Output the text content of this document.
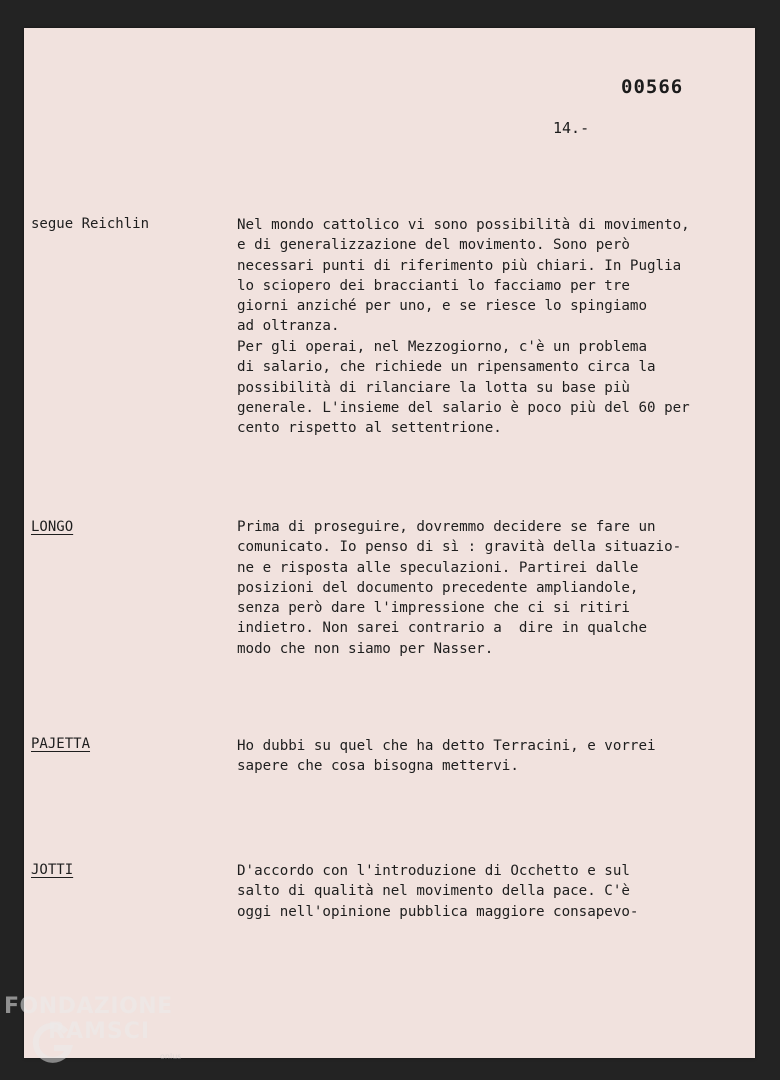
00566
14.-
segue Reichlin	Nel mondo cattolico vi sono possibilità di movimento,
e di generalizzazione del movimento. Sono però
necessari punti di riferimento più chiari. In Puglia
lo sciopero dei braccianti lo facciamo per tre
giorni anziché per uno, e se riesce lo spingiamo
ad oltranza.

Per gli operai, nel Mezzogiorno, c'è un problema
di salario, che richiede un ripensamento circa la
possibilità di rilanciare la lotta su base più
generale. L'insieme del salario è poco più del 60 per
cento rispetto al settentrione.

LONGO	Prima di proseguire, dovremmo decidere se fare un
comunicato. Io penso di sì : gravità della situazio-
ne e risposta alle speculazioni. Partirei dalle
posizioni del documento precedente ampliandole,
senza però dare l'impressione che ci si ritiri
indietro. Non sarei contrario a  dire in qualche
modo che non siamo per Nasser.

PAJETTA	Ho dubbi su quel che ha detto Terracini, e vorrei
sapere che cosa bisogna mettervi.

JOTTI	D'accordo con l'introduzione di Occhetto e sul
salto di qualità nel movimento della pace. C'è
oggi nell'opinione pubblica maggiore consapevo-

FONDAZIONE
RAMSCI
onlus
